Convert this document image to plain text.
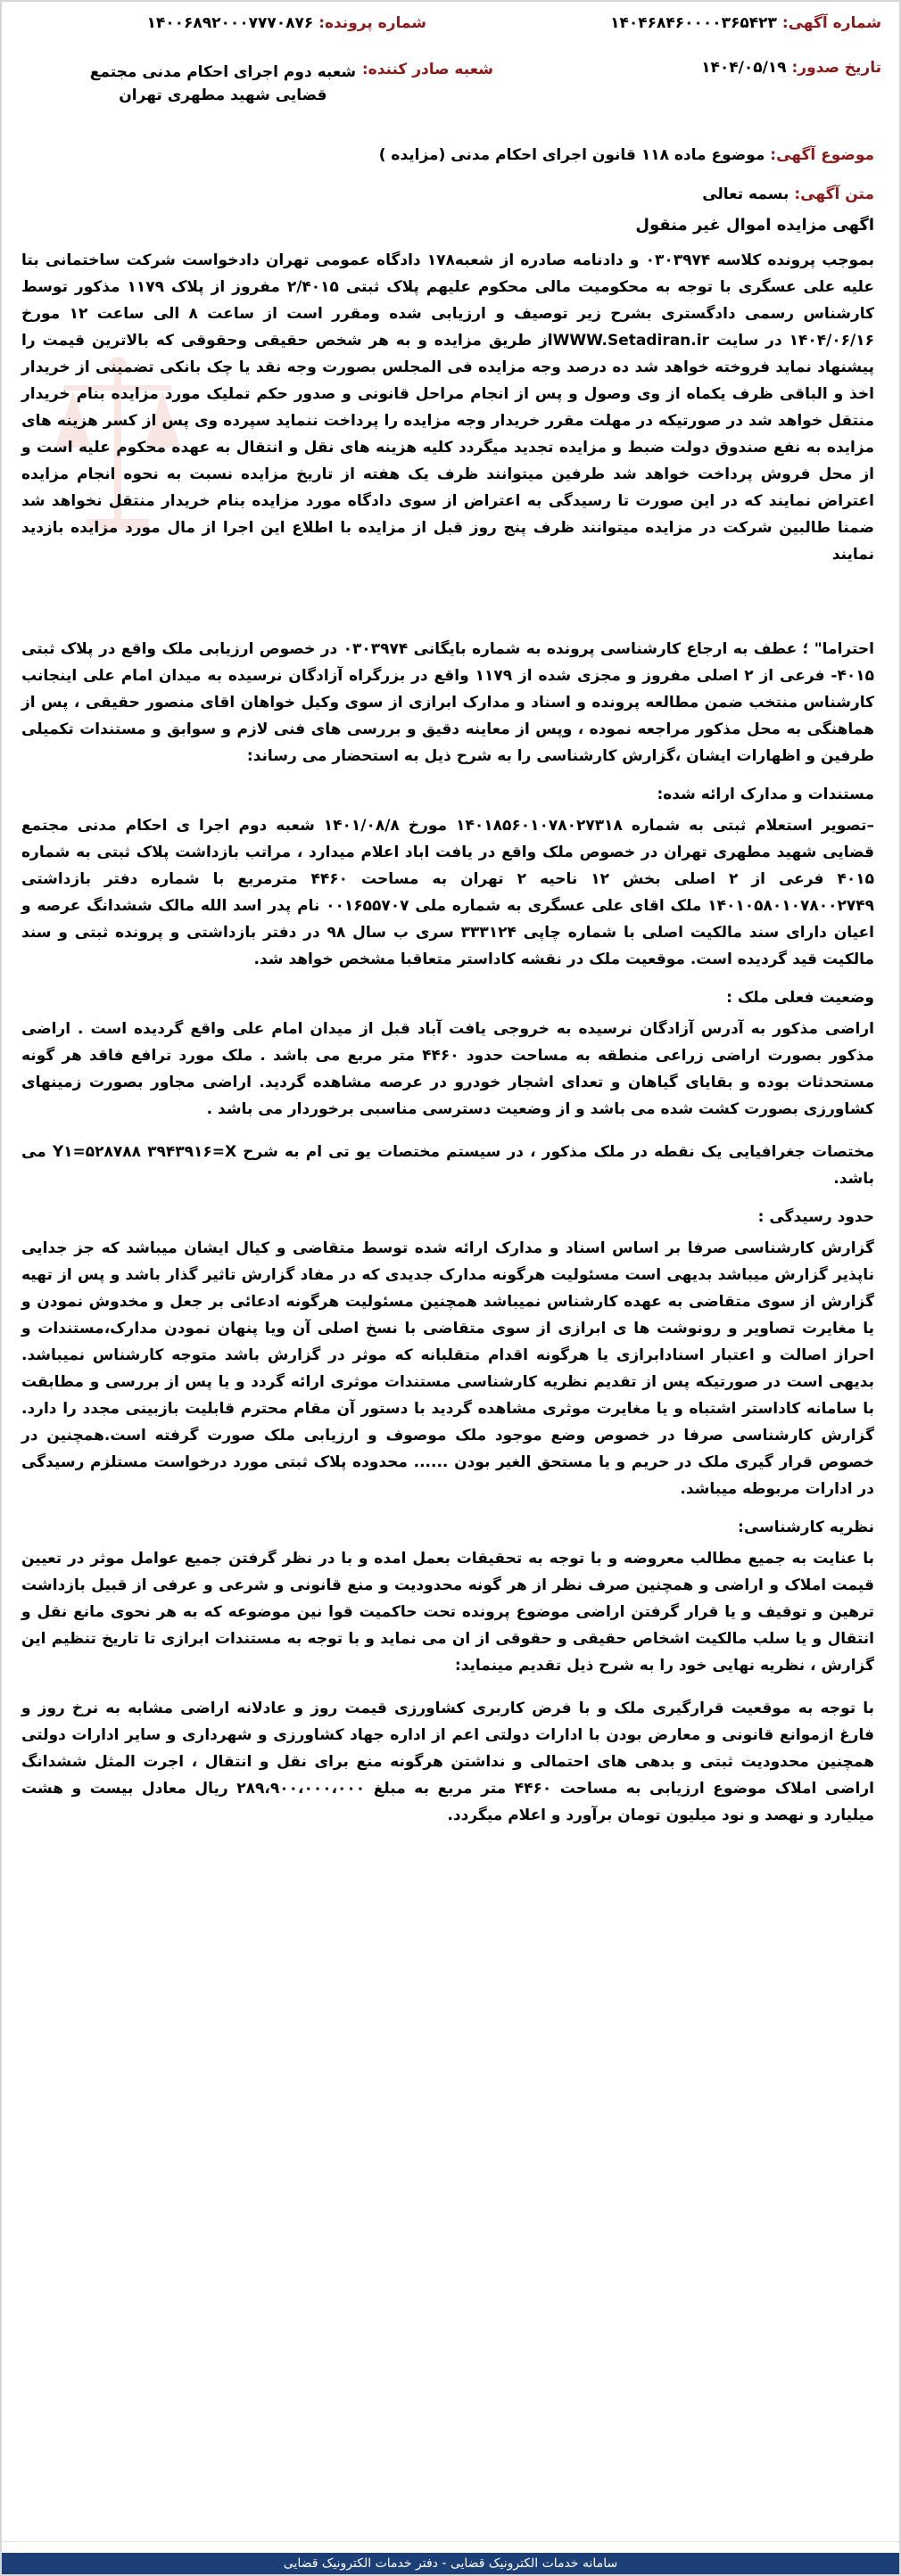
شماره آگهی: ۱۴۰۴۶۸۴۶۰۰۰۰۳۶۵۴۲۳
شماره پرونده: ۱۴۰۰۶۸۹۲۰۰۰۷۷۷۰۸۷۶
تاریخ صدور: ۱۴۰۴/۰۵/۱۹
شعبه صادر کننده: شعبه دوم اجرای احکام مدنی مجتمع قضایی شهید مطهری تهران
موضوع آگهی: موضوع ماده ۱۱۸ قانون اجرای احکام مدنی (مزایده )
متن آگهی: بسمه تعالی
اگهی مزایده اموال غیر منقول

بموجب پرونده کلاسه ۰۳۰۳۹۷۴ و دادنامه صادره از شعبه۱۷۸ دادگاه عمومی تهران دادخواست شرکت ساختمانی بتا علیه علی عسگری با توجه به محکومیت مالی محکوم علیهم پلاک ثبتی ۲/۴۰۱۵ مفروز از پلاک ۱۱۷۹ مذکور توسط کارشناس رسمی دادگستری بشرح زیر توصیف و ارزیابی شده ومقرر است از ساعت ۸ الی ساعت ۱۲ مورخ ۱۴۰۴/۰۶/۱۶ در سایت WWW.Setadiran.irاز طریق مزایده و به هر شخص حقیقی وحقوقی که بالاترین قیمت را پیشنهاد نماید فروخته خواهد شد ده درصد وجه مزایده فی المجلس بصورت وجه نقد یا چک بانکی تضمینی از خریدار اخذ و الباقی ظرف یکماه از وی وصول و پس از انجام مراحل قانونی و صدور حکم تملیک مورد مزایده بنام خریدار منتقل خواهد شد در صورتیکه در مهلت مقرر خریدار وجه مزایده را پرداخت ننماید سپرده وی پس از کسر هزینه های مزایده به نفع صندوق دولت ضبط و مزایده تجدید میگردد کلیه هزینه های نقل و انتقال به عهده محکوم علیه است و از محل فروش پرداخت خواهد شد طرفین میتوانند ظرف یک هفته از تاریخ مزایده نسبت به نحوه انجام مزایده اعتراض نمایند که در این صورت تا رسیدگی به اعتراض از سوی دادگاه مورد مزایده بنام خریدار منتقل نخواهد شد ضمنا طالبین شرکت در مزایده میتوانند ظرف پنج روز قبل از مزایده با اطلاع این اجرا از مال مورد مزایده بازدید نمایند

احتراما" ؛ عطف به ارجاع کارشناسی پرونده به شماره بایگانی ۰۳۰۳۹۷۴ در خصوص ارزیابی ملک واقع در پلاک ثبتی ۴۰۱۵- فرعی از ۲ اصلی مفروز و مجزی شده از ۱۱۷۹ واقع در بزرگراه آزادگان نرسیده به میدان امام علی اینجانب کارشناس منتخب ضمن مطالعه پرونده و اسناد و مدارک ابرازی از سوی وکیل خواهان اقای منصور حقیقی ، پس از هماهنگی به محل مذکور مراجعه نموده ، وپس از معاینه دقیق و بررسی های فنی لازم و سوابق و مستندات تکمیلی طرفین و اظهارات ایشان ،گزارش کارشناسی را به شرح ذیل به استحضار می رساند:

مستندات و مدارک ارائه شده:

–تصویر استعلام ثبتی به شماره ۱۴۰۱۸۵۶۰۱۰۷۸۰۲۷۳۱۸ مورخ ۱۴۰۱/۰۸/۸ شعبه دوم اجرا ی احکام مدنی مجتمع قضایی شهید مطهری تهران در خصوص ملک واقع در یافت اباد اعلام میدارد ، مراتب بازداشت پلاک ثبتی به شماره ۴۰۱۵ فرعی از ۲ اصلی بخش ۱۲ ناحیه ۲ تهران به مساحت ۴۴۶۰ مترمربع با شماره دفتر بازداشتی ۱۴۰۱۰۵۸۰۱۰۷۸۰۰۲۷۴۹ ملک اقای علی عسگری به شماره ملی ۰۰۱۶۵۵۷۰۷ نام پدر اسد الله مالک ششدانگ عرصه و اعیان دارای سند مالکیت اصلی با شماره چاپی ۳۳۳۱۲۴ سری ب سال ۹۸ در دفتر بازداشتی و پرونده ثبتی و سند مالکیت قید گردیده است. موقعیت ملک در نقشه کاداستر متعاقبا مشخص خواهد شد.

وضعیت فعلی ملک :

اراضی مذکور به آدرس آزادگان نرسیده به خروجی یافت آباد قبل از میدان امام علی واقع گردیده است . اراضی مذکور بصورت اراضی زراعی منطقه به مساحت حدود ۴۴۶۰ متر مربع می باشد . ملک مورد ترافع فاقد هر گونه مستحدثات بوده و بقایای گیاهان و تعدای اشجار خودرو در عرصه مشاهده گردید. اراضی مجاور بصورت زمینهای کشاورزی بصورت کشت شده می باشد و از وضعیت دسترسی مناسبی برخوردار می باشد .

مختصات جغرافیایی یک نقطه در ملک مذکور ، در سیستم مختصات یو تی ام به شرح Y۱=۵۲۸۷۸۸ ۳۹۴۳۹۱۶=X می باشد.

حدود رسیدگی :

گزارش کارشناسی صرفا بر اساس اسناد و مدارک ارائه شده توسط متقاضی و کیال ایشان میباشد که جز جدایی ناپذیر گزارش میباشد بدیهی است مسئولیت هرگونه مدارک جدیدی که در مفاد گزارش تاثیر گذار باشد و پس از تهیه گزارش از سوی متقاضی به عهده کارشناس نمیباشد همچنین مسئولیت هرگونه ادعائی بر جعل و مخدوش نمودن و یا مغایرت تصاویر و رونوشت ها ی ابرازی از سوی متقاضی با نسخ اصلی آن ویا پنهان نمودن مدارک،مستندات و احراز اصالت و اعتبار اسنادابرازی یا هرگونه اقدام متقلبانه که موثر در گزارش باشد متوجه کارشناس نمیباشد. بدیهی است در صورتیکه پس از تقدیم نظریه کارشناسی مستندات موثری ارائه گردد و یا پس از بررسی و مطابقت با سامانه کاداستر اشتباه و یا مغایرت موثری مشاهده گردید با دستور آن مقام محترم قابلیت بازبینی مجدد را دارد. گزارش کارشناسی صرفا در خصوص وضع موجود ملک موصوف و ارزیابی ملک صورت گرفته است.همچنین در خصوص قرار گیری ملک در حریم و یا مستحق الغیر بودن ...... محدوده پلاک ثبتی مورد درخواست مستلزم رسیدگی در ادارات مربوطه میباشد.

نظریه کارشناسی:

با عنایت به جمیع مطالب معروضه و با توجه به تحقیقات بعمل امده و با در نظر گرفتن جمیع عوامل موثر در تعیین قیمت املاک و اراضی و همچنین صرف نظر از هر گونه محدودیت و منع قانونی و شرعی و عرفی از قبیل بازداشت ترهین و توقیف و یا قرار گرفتن اراضی موضوع پرونده تحت حاکمیت قوا نین موضوعه که به هر نحوی مانع نقل و انتقال و یا سلب مالکیت اشخاص حقیقی و حقوقی از ان می نماید و با توجه به مستندات ابرازی تا تاریخ تنظیم این گزارش ، نظریه نهایی خود را به شرح ذیل تقدیم مینماید:

با توجه به موقعیت قرارگیری ملک و با فرض کاربری کشاورزی قیمت روز و عادلانه اراضی مشابه به نرخ روز و فارغ ازموانع قانونی و معارض بودن با ادارات دولتی اعم از اداره جهاد کشاورزی و شهرداری و سایر ادارات دولتی همچنین محدودیت ثبتی و بدهی های احتمالی و نداشتن هرگونه منع برای نقل و انتقال ، اجرت المثل ششدانگ اراضی املاک موضوع ارزیابی به مساحت ۴۴۶۰ متر مربع به مبلغ ۲۸۹،۹۰۰،۰۰۰،۰۰۰ ریال معادل بیست و هشت میلیارد و نهصد و نود میلیون تومان برآورد و اعلام میگردد.

سامانه خدمات الکترونیک قضایی - دفتر خدمات الکترونیک قضایی
